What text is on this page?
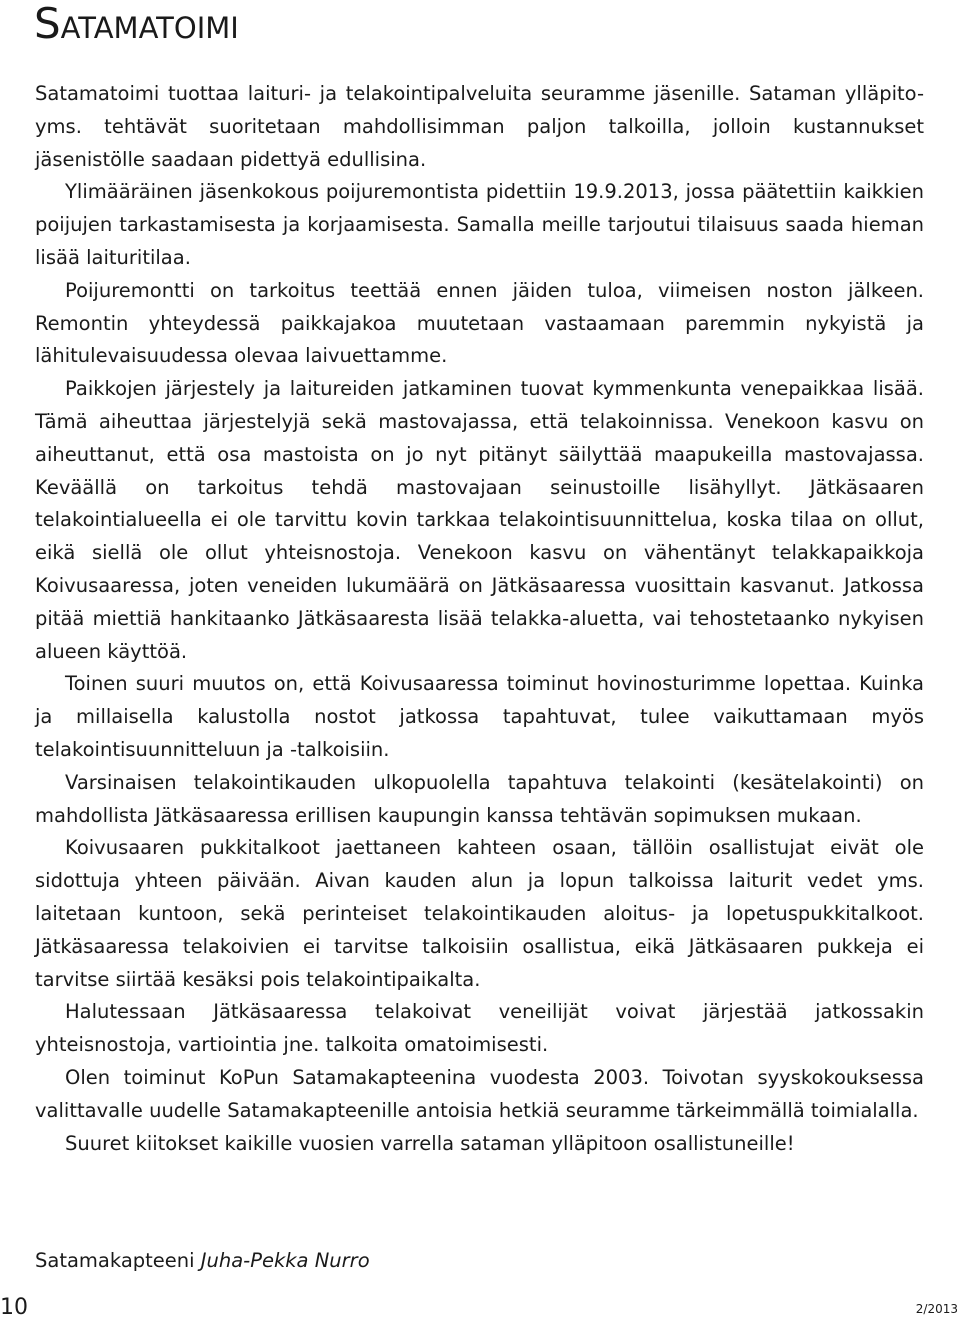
Satamatoimi

Satamatoimi tuottaa laituri- ja telakointipalveluita seuramme jäsenille. Sataman ylläpito- yms. tehtävät suoritetaan mahdollisimman paljon talkoilla, jolloin kustannukset jäsenistölle saadaan pidettyä edullisina.

Ylimääräinen jäsenkokous poijuremontista pidettiin 19.9.2013, jossa päätettiin kaikkien poijujen tarkastamisesta ja korjaamisesta. Samalla meille tarjoutui tilaisuus saada hieman lisää laituritilaa.

Poijuremontti on tarkoitus teettää ennen jäiden tuloa, viimeisen noston jälkeen. Remontin yhteydessä paikkajakoa muutetaan vastaamaan paremmin nykyistä ja lähitulevaisuudessa olevaa laivuettamme.

Paikkojen järjestely ja laitureiden jatkaminen tuovat kymmenkunta venepaikkaa lisää. Tämä aiheuttaa järjestelyjä sekä mastovajassa, että telakoinnissa. Venekoon kasvu on aiheuttanut, että osa mastoista on jo nyt pitänyt säilyttää maapukeilla mastovajassa. Keväällä on tarkoitus tehdä mastovajaan seinustoille lisähyllyt. Jätkäsaaren telakointialueella ei ole tarvittu kovin tarkkaa telakointisuunnittelua, koska tilaa on ollut, eikä siellä ole ollut yhteisnostoja. Venekoon kasvu on vähentänyt telakkapaikkoja Koivusaaressa, joten veneiden lukumäärä on Jätkäsaaressa vuosittain kasvanut. Jatkossa pitää miettiä hankitaanko Jätkäsaaresta lisää telakka-aluetta, vai tehostetaanko nykyisen alueen käyttöä.

Toinen suuri muutos on, että Koivusaaressa toiminut hovinosturimme lopettaa. Kuinka ja millaisella kalustolla nostot jatkossa tapahtuvat, tulee vaikuttamaan myös telakointisuunnitteluun ja -talkoisiin.

Varsinaisen telakointikauden ulkopuolella tapahtuva telakointi (kesätelakointi) on mahdollista Jätkäsaaressa erillisen kaupungin kanssa tehtävän sopimuksen mukaan.

Koivusaaren pukkitalkoot jaettaneen kahteen osaan, tällöin osallistujat eivät ole sidottuja yhteen päivään. Aivan kauden alun ja lopun talkoissa laiturit vedet yms. laitetaan kuntoon, sekä perinteiset telakointikauden aloitus- ja lopetuspukkitalkoot. Jätkäsaaressa telakoivien ei tarvitse talkoisiin osallistua, eikä Jätkäsaaren pukkeja ei tarvitse siirtää kesäksi pois telakointipaikalta.

Halutessaan Jätkäsaaressa telakoivat veneilijät voivat järjestää jatkossakin yhteisnostoja, vartiointia jne. talkoita omatoimisesti.

Olen toiminut KoPun Satamakapteenina vuodesta 2003. Toivotan syyskokouksessa valittavalle uudelle Satamakapteenille antoisia hetkiä seuramme tärkeimmällä toimialalla.

Suuret kiitokset kaikille vuosien varrella sataman ylläpitoon osallistuneille!

Satamakapteeni Juha-Pekka Nurro
10	2/2013
